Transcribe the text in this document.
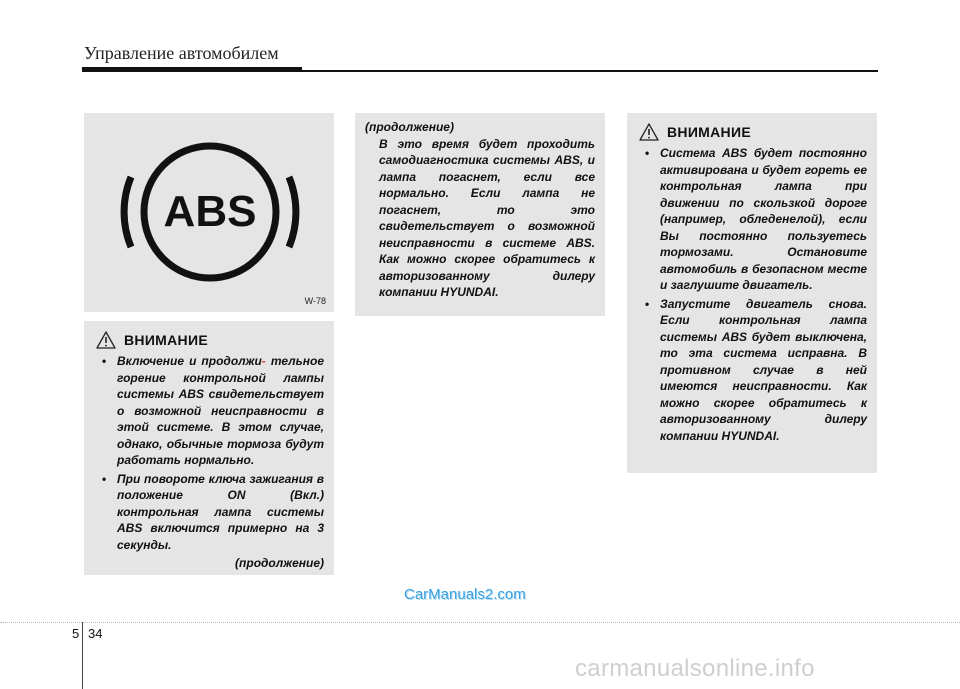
Управление автомобилем
ABS
W-78
ВНИМАНИЕ
• Включение и продолжи- тельное горение контрольной лампы системы ABS свидетельствует о возможной неисправности в этой системе. В этом случае, однако, обычные тормоза будут работать нормально.
• При повороте ключа зажигания в положение ON (Вкл.) контрольная лампа системы ABS включится примерно на 3 секунды.
(продолжение)
(продолжение)
В это время будет проходить самодиагностика системы ABS, и лампа погаснет, если все нормально. Если лампа не погаснет, то это свидетельствует о возможной неисправности в системе ABS. Как можно скорее обратитесь к авторизованному дилеру компании HYUNDAI.
ВНИМАНИЕ
• Система ABS будет постоянно активирована и будет гореть ее контрольная лампа при движении по скользкой дороге (например, обледенелой), если Вы постоянно пользуетесь тормозами. Остановите автомобиль в безопасном месте и заглушите двигатель.
• Запустите двигатель снова. Если контрольная лампа системы ABS будет выключена, то эта система исправна. В противном случае в ней имеются неисправности. Как можно скорее обратитесь к авторизованному дилеру компании HYUNDAI.
CarManuals2.com
5 34
carmanualsonline.info
